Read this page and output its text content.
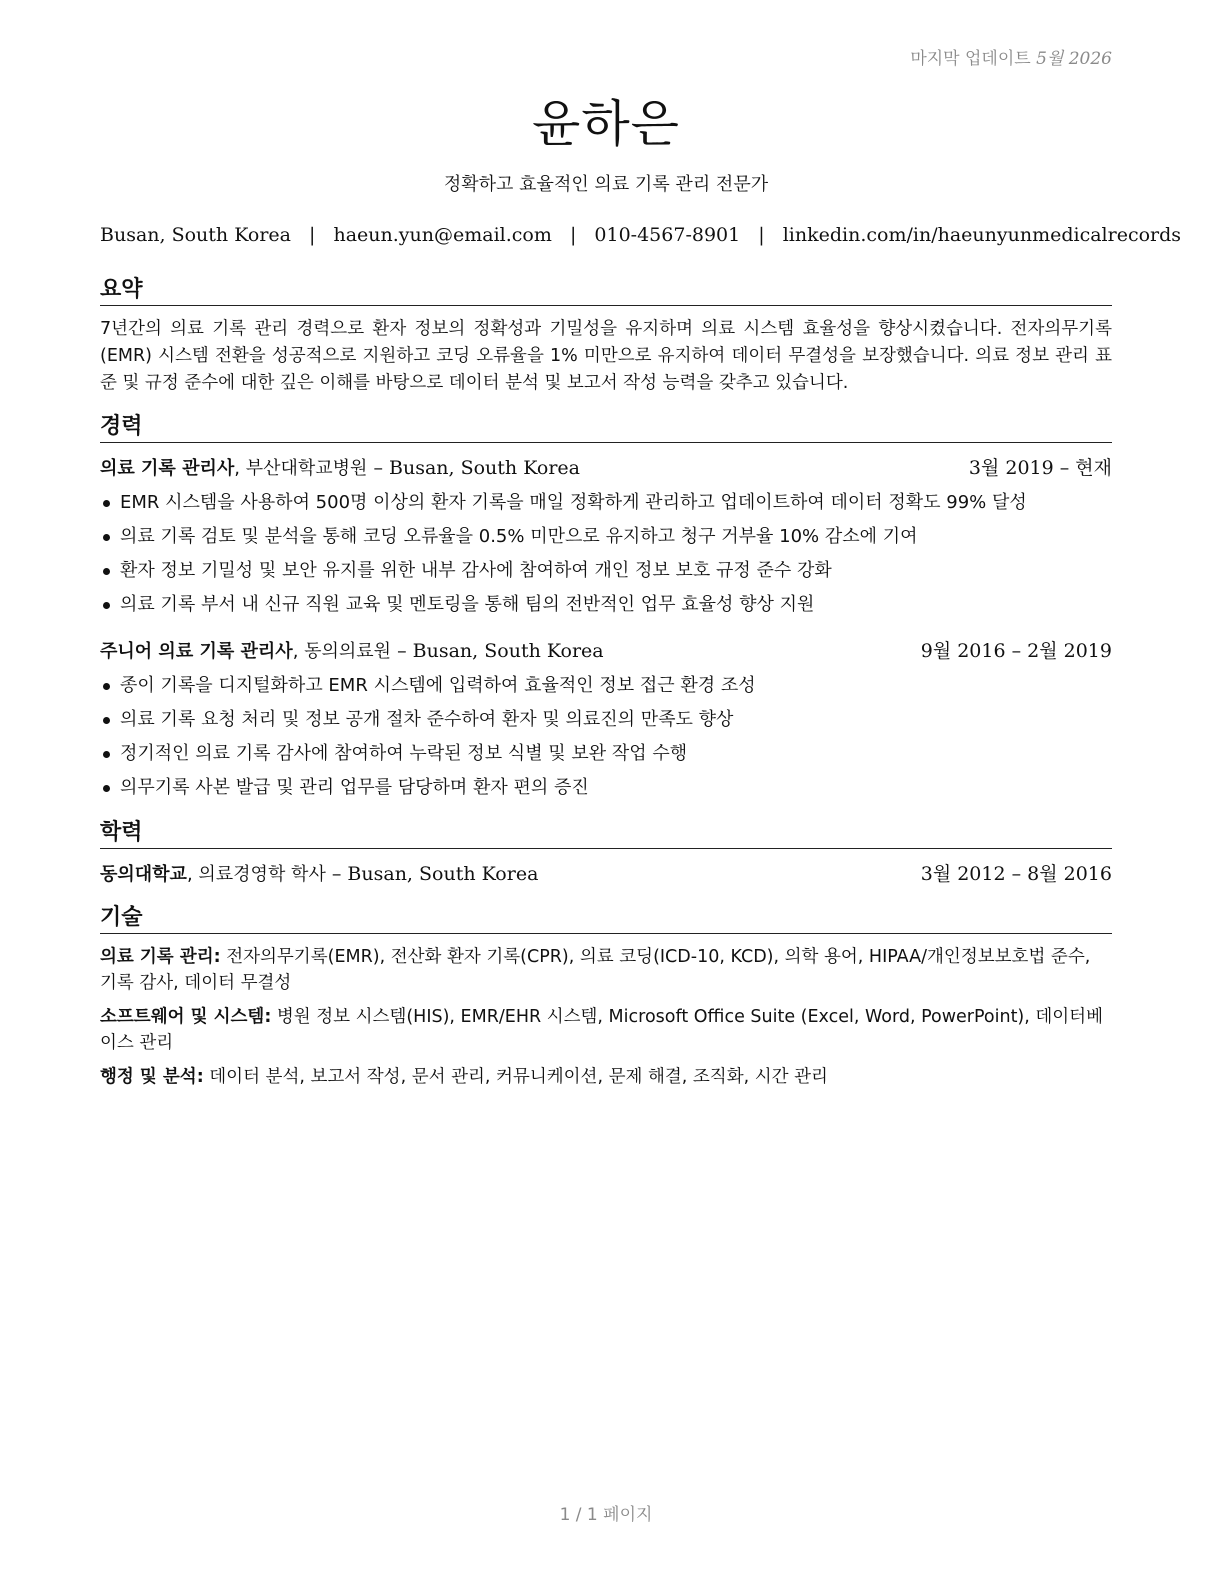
마지막 업데이트 5월 2026
윤하은
정확하고 효율적인 의료 기록 관리 전문가
Busan, South Korea | haeun.yun@email.com | 010-4567-8901 | linkedin.com/in/haeunyunmedicalrecords
요약
7년간의 의료 기록 관리 경력으로 환자 정보의 정확성과 기밀성을 유지하며 의료 시스템 효율성을 향상시켰습니다. 전자의무기록(EMR) 시스템 전환을 성공적으로 지원하고 코딩 오류율을 1% 미만으로 유지하여 데이터 무결성을 보장했습니다. 의료 정보 관리 표준 및 규정 준수에 대한 깊은 이해를 바탕으로 데이터 분석 및 보고서 작성 능력을 갖추고 있습니다.
경력
의료 기록 관리사, 부산대학교병원 – Busan, South Korea	3월 2019 – 현재
EMR 시스템을 사용하여 500명 이상의 환자 기록을 매일 정확하게 관리하고 업데이트하여 데이터 정확도 99% 달성
의료 기록 검토 및 분석을 통해 코딩 오류율을 0.5% 미만으로 유지하고 청구 거부율 10% 감소에 기여
환자 정보 기밀성 및 보안 유지를 위한 내부 감사에 참여하여 개인 정보 보호 규정 준수 강화
의료 기록 부서 내 신규 직원 교육 및 멘토링을 통해 팀의 전반적인 업무 효율성 향상 지원
주니어 의료 기록 관리사, 동의의료원 – Busan, South Korea	9월 2016 – 2월 2019
종이 기록을 디지털화하고 EMR 시스템에 입력하여 효율적인 정보 접근 환경 조성
의료 기록 요청 처리 및 정보 공개 절차 준수하여 환자 및 의료진의 만족도 향상
정기적인 의료 기록 감사에 참여하여 누락된 정보 식별 및 보완 작업 수행
의무기록 사본 발급 및 관리 업무를 담당하며 환자 편의 증진
학력
동의대학교, 의료경영학 학사 – Busan, South Korea	3월 2012 – 8월 2016
기술
의료 기록 관리: 전자의무기록(EMR), 전산화 환자 기록(CPR), 의료 코딩(ICD-10, KCD), 의학 용어, HIPAA/개인정보보호법 준수, 기록 감사, 데이터 무결성
소프트웨어 및 시스템: 병원 정보 시스템(HIS), EMR/EHR 시스템, Microsoft Office Suite (Excel, Word, PowerPoint), 데이터베이스 관리
행정 및 분석: 데이터 분석, 보고서 작성, 문서 관리, 커뮤니케이션, 문제 해결, 조직화, 시간 관리
1 / 1 페이지
